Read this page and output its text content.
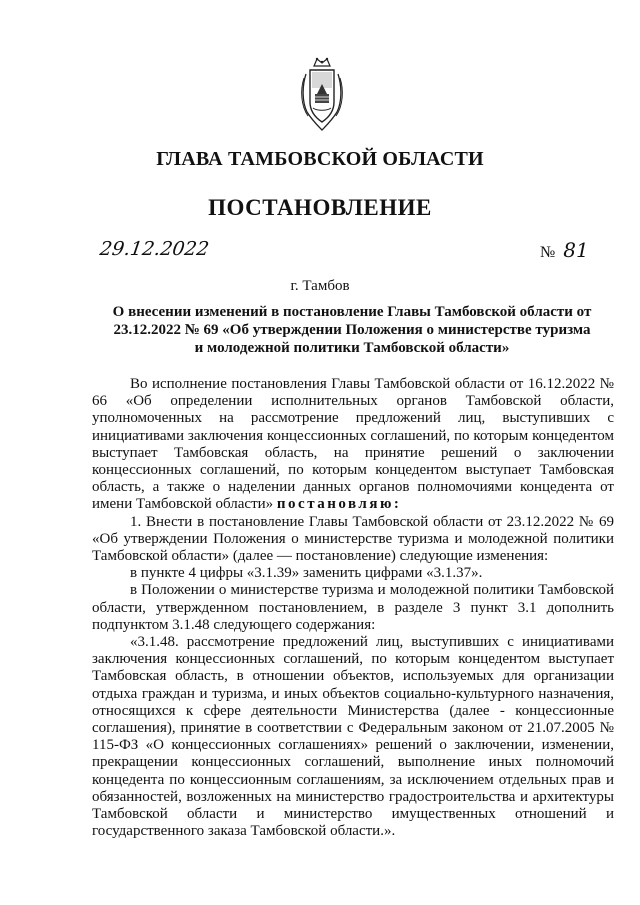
ГЛАВА ТАМБОВСКОЙ ОБЛАСТИ
ПОСТАНОВЛЕНИЕ
29.12.2022	№ 81
г. Тамбов
О внесении изменений в постановление Главы Тамбовской области от
23.12.2022 № 69 «Об утверждении Положения о министерстве туризма
и молодежной политики Тамбовской области»

Во исполнение постановления Главы Тамбовской области от 16.12.2022 № 66 «Об определении исполнительных органов Тамбовской области, уполномоченных на рассмотрение предложений лиц, выступивших с инициативами заключения концессионных соглашений, по которым концедентом выступает Тамбовская область, на принятие решений о заключении концессионных соглашений, по которым концедентом выступает Тамбовская область, а также о наделении данных органов полномочиями концедента от имени Тамбовской области» постановляю:

1. Внести в постановление Главы Тамбовской области от 23.12.2022 № 69 «Об утверждении Положения о министерстве туризма и молодежной политики Тамбовской области» (далее — постановление) следующие изменения:

в пункте 4 цифры «3.1.39» заменить цифрами «3.1.37».

в Положении о министерстве туризма и молодежной политики Тамбовской области, утвержденном постановлением, в разделе 3 пункт 3.1 дополнить подпунктом 3.1.48 следующего содержания:

«3.1.48. рассмотрение предложений лиц, выступивших с инициативами заключения концессионных соглашений, по которым концедентом выступает Тамбовская область, в отношении объектов, используемых для организации отдыха граждан и туризма, и иных объектов социально-культурного назначения, относящихся к сфере деятельности Министерства (далее - концессионные соглашения), принятие в соответствии с Федеральным законом от 21.07.2005 № 115-ФЗ «О концессионных соглашениях» решений о заключении, изменении, прекращении концессионных соглашений, выполнение иных полномочий концедента по концессионным соглашениям, за исключением отдельных прав и обязанностей, возложенных на министерство градостроительства и архитектуры Тамбовской области и министерство имущественных отношений и государственного заказа Тамбовской области.».
